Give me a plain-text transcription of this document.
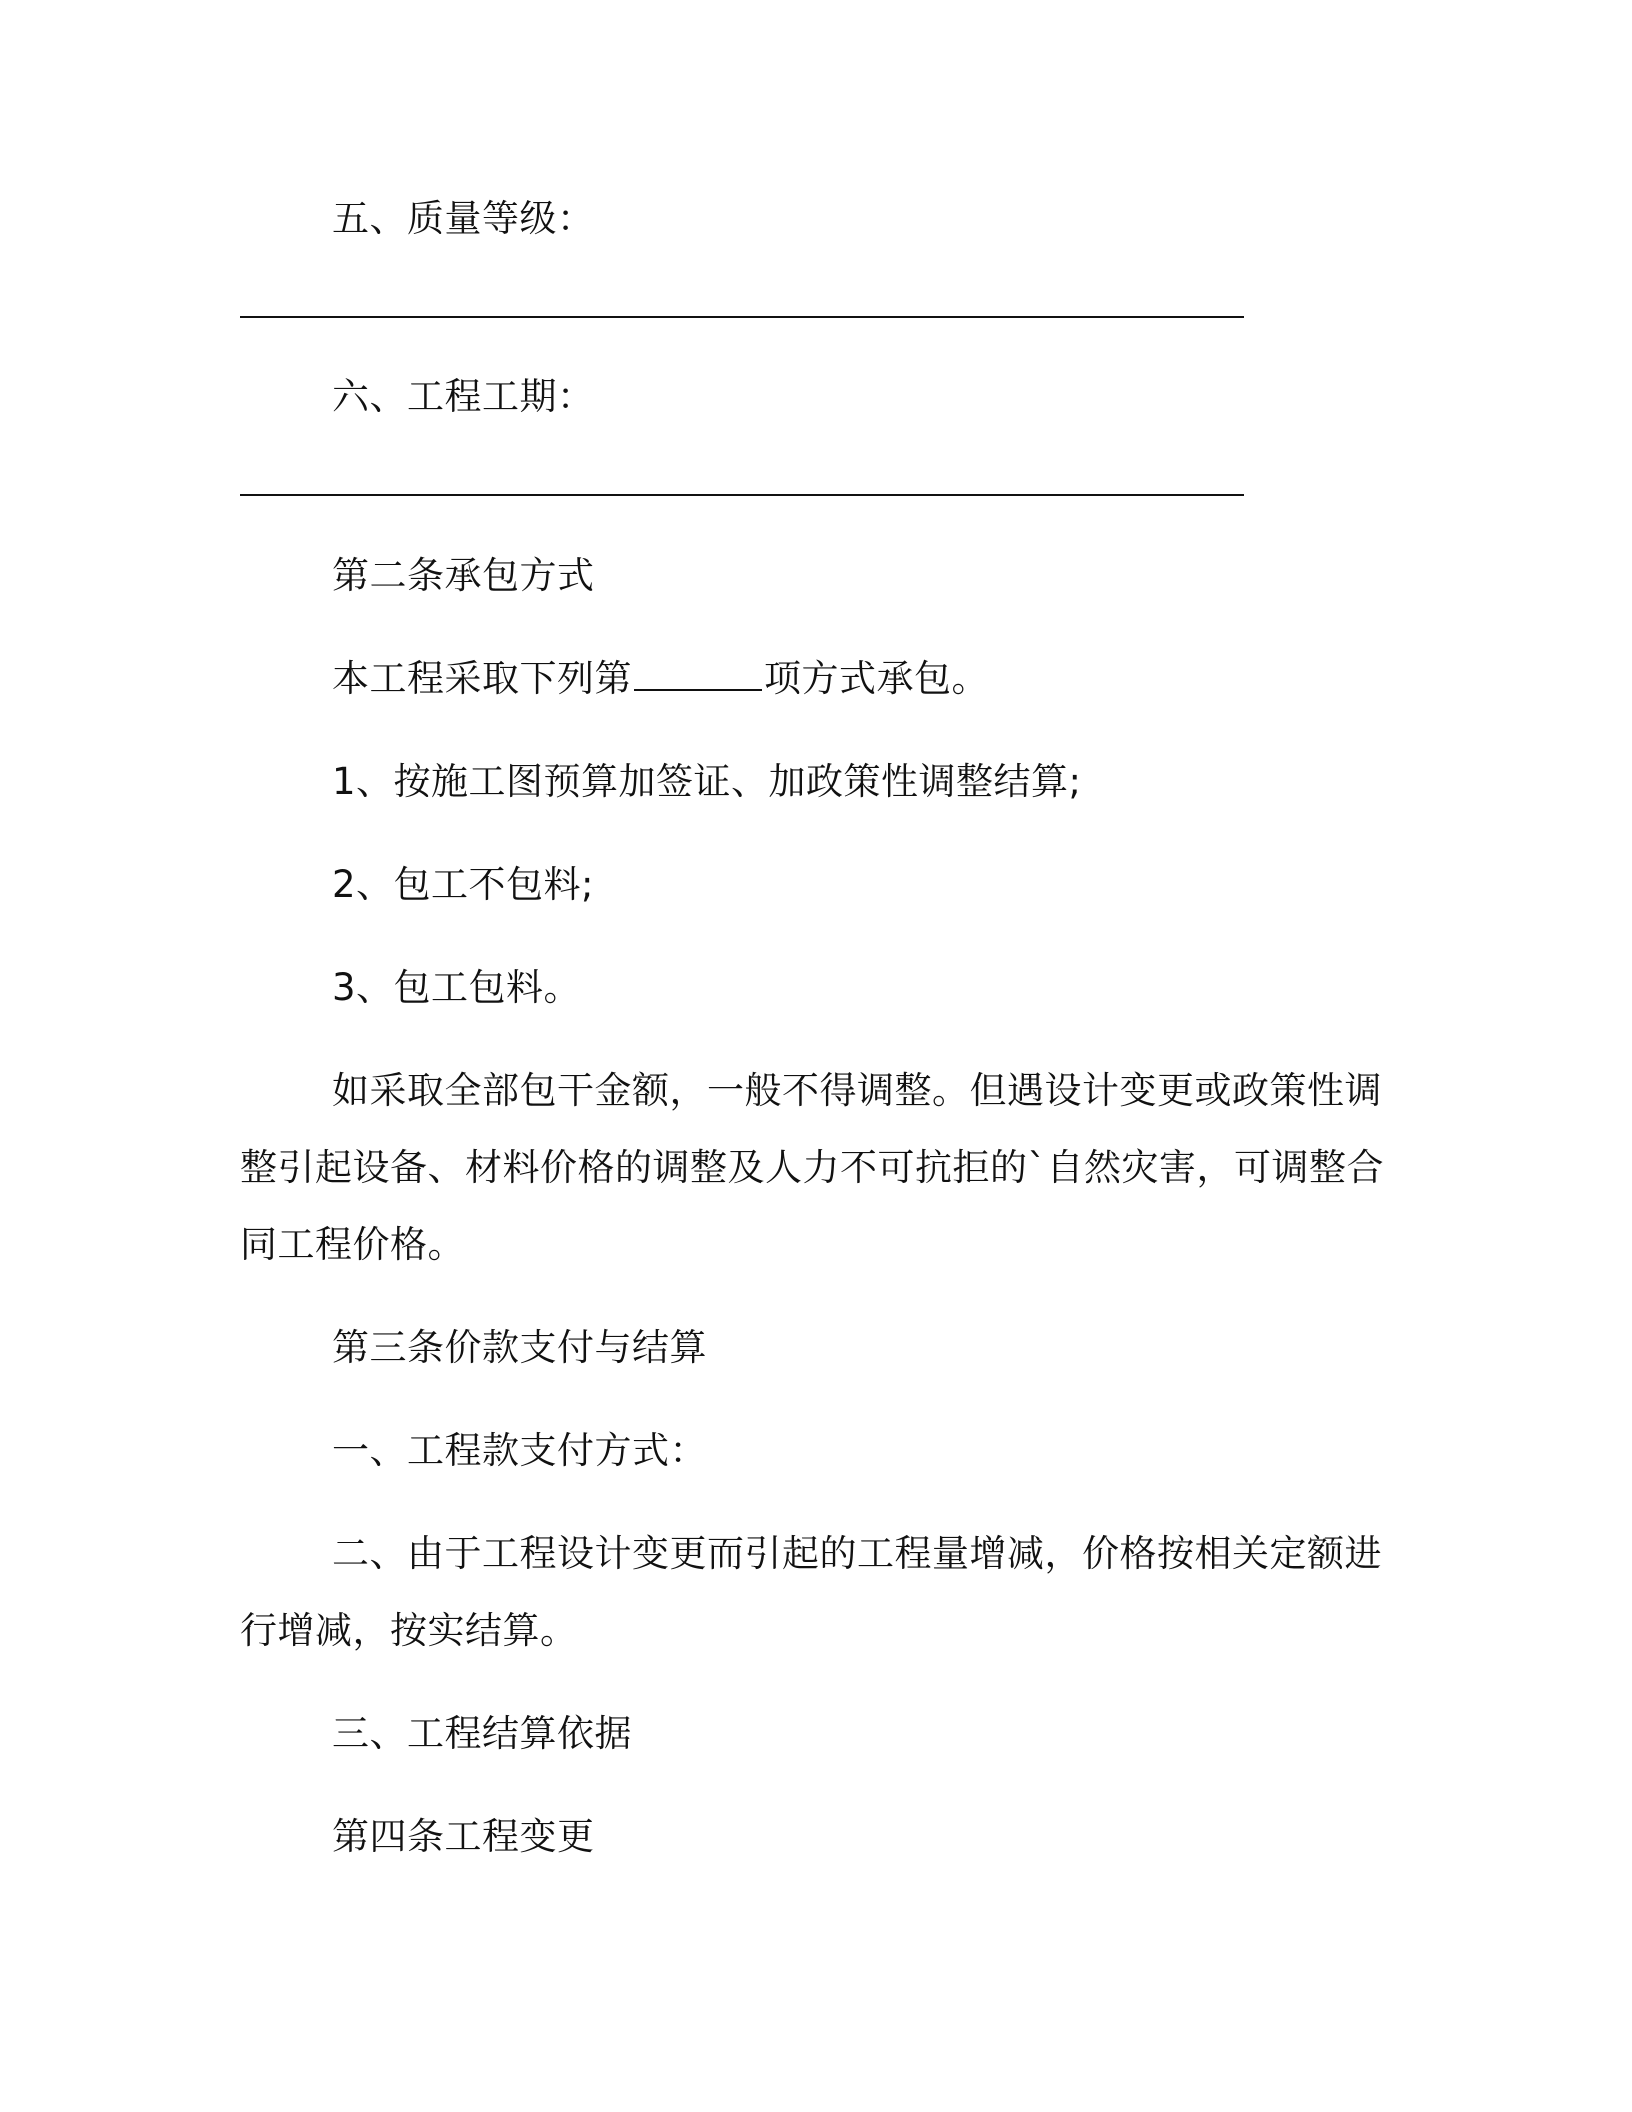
五、质量等级：
六、工程工期：
第二条承包方式
本工程采取下列第	项方式承包。
1、按施工图预算加签证、加政策性调整结算;
2、包工不包料;
3、包工包料。
如采取全部包干金额，一般不得调整。但遇设计变更或政策性调
整引起设备、材料价格的调整及人力不可抗拒的`自然灾害，可调整合
同工程价格。
第三条价款支付与结算
一、工程款支付方式：
二、由于工程设计变更而引起的工程量增减，价格按相关定额进
行增减，按实结算。
三、工程结算依据
第四条工程变更
